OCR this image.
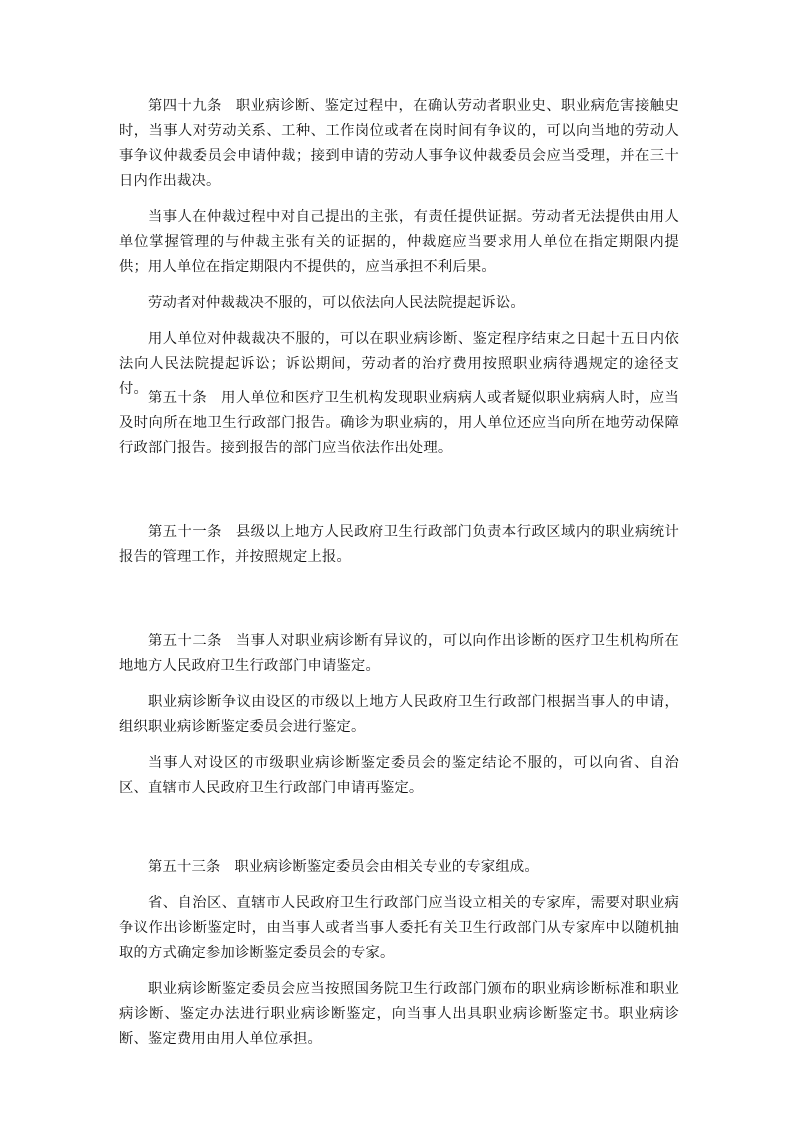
第四十九条 职业病诊断、鉴定过程中，在确认劳动者职业史、职业病危害接触史时，当事人对劳动关系、工种、工作岗位或者在岗时间有争议的，可以向当地的劳动人事争议仲裁委员会申请仲裁；接到申请的劳动人事争议仲裁委员会应当受理，并在三十日内作出裁决。

当事人在仲裁过程中对自己提出的主张，有责任提供证据。劳动者无法提供由用人单位掌握管理的与仲裁主张有关的证据的，仲裁庭应当要求用人单位在指定期限内提供；用人单位在指定期限内不提供的，应当承担不利后果。

劳动者对仲裁裁决不服的，可以依法向人民法院提起诉讼。

用人单位对仲裁裁决不服的，可以在职业病诊断、鉴定程序结束之日起十五日内依法向人民法院提起诉讼；诉讼期间，劳动者的治疗费用按照职业病待遇规定的途径支付。

第五十条 用人单位和医疗卫生机构发现职业病病人或者疑似职业病病人时，应当及时向所在地卫生行政部门报告。确诊为职业病的，用人单位还应当向所在地劳动保障行政部门报告。接到报告的部门应当依法作出处理。

第五十一条 县级以上地方人民政府卫生行政部门负责本行政区域内的职业病统计报告的管理工作，并按照规定上报。

第五十二条 当事人对职业病诊断有异议的，可以向作出诊断的医疗卫生机构所在地地方人民政府卫生行政部门申请鉴定。

职业病诊断争议由设区的市级以上地方人民政府卫生行政部门根据当事人的申请，组织职业病诊断鉴定委员会进行鉴定。

当事人对设区的市级职业病诊断鉴定委员会的鉴定结论不服的，可以向省、自治区、直辖市人民政府卫生行政部门申请再鉴定。

第五十三条 职业病诊断鉴定委员会由相关专业的专家组成。

省、自治区、直辖市人民政府卫生行政部门应当设立相关的专家库，需要对职业病争议作出诊断鉴定时，由当事人或者当事人委托有关卫生行政部门从专家库中以随机抽取的方式确定参加诊断鉴定委员会的专家。

职业病诊断鉴定委员会应当按照国务院卫生行政部门颁布的职业病诊断标准和职业病诊断、鉴定办法进行职业病诊断鉴定，向当事人出具职业病诊断鉴定书。职业病诊断、鉴定费用由用人单位承担。
